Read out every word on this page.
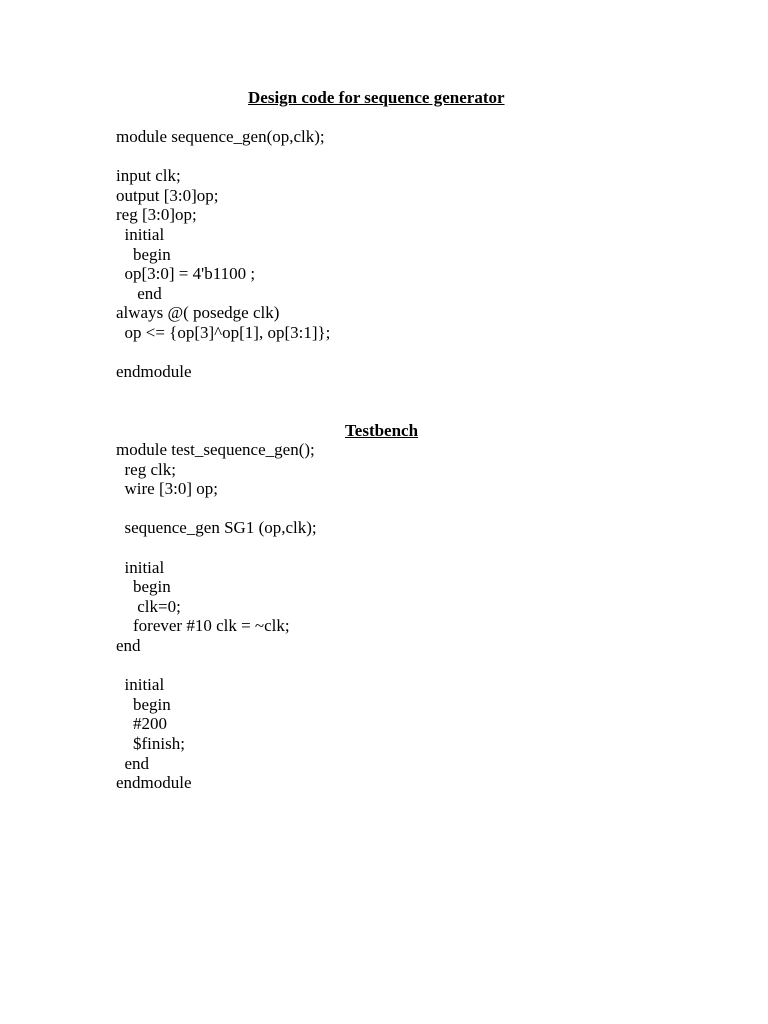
Design code for sequence generator
module sequence_gen(op,clk);
input clk;
output [3:0]op;
reg [3:0]op;
initial
begin
op[3:0] = 4'b1100 ;
end
always @( posedge clk)
op <= {op[3]^op[1], op[3:1]};
endmodule
Testbench
module test_sequence_gen();
reg clk;
wire [3:0] op;
sequence_gen SG1 (op,clk);
initial
begin
clk=0;
forever #10 clk = ~clk;
end
initial
begin
#200
$finish;
end
endmodule
